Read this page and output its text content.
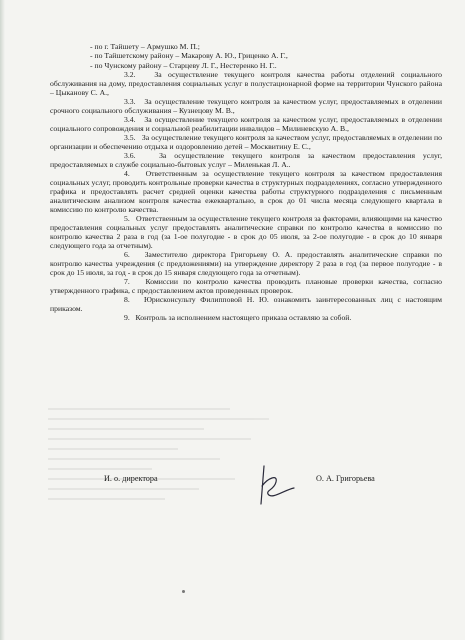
- по г. Тайшету – Армушко М. П.;
- по Тайшетскому району – Макарову А. Ю., Гриценко А. Г.,
- по Чунскому району – Старцеву Л. Г., Нестеренко Н. Г..

3.2. За осуществление текущего контроля качества работы отделений социального обслуживания на дому, предоставления социальных услуг в полустационарной форме на территории Чунского района – Цыканову С. А.,

3.3. За осуществление текущего контроля за качеством услуг, предоставляемых в отделении срочного социального обслуживания – Кузнецову М. В.,

3.4. За осуществление текущего контроля за качеством услуг, предоставляемых в отделении социального сопровождения и социальной реабилитации инвалидов – Милиневскую А. В.,

3.5. За осуществление текущего контроля за качеством услуг, предоставляемых в отделении по организации и обеспечению отдыха и оздоровлению детей – Москвитину Е. С.,

3.6.	За осуществление текущего контроля за качеством предоставления услуг, предоставляемых в службе социально-бытовых услуг – Миленькая Л. А..

4. Ответственным за осуществление текущего контроля за качеством предоставления социальных услуг, проводить контрольные проверки качества в структурных подразделениях, согласно утвержденного графика и предоставлять расчет средней оценки качества работы структурного подразделения с письменным аналитическим анализом контроля качества ежеквартально, в срок до 01 числа месяца следующего квартала в комиссию по контролю качества.

5. Ответственным за осуществление текущего контроля за факторами, влияющими на качество предоставления социальных услуг предоставлять аналитические справки по контролю качества в комиссию по контролю качества 2 раза в год (за 1-ое полугодие - в срок до 05 июля, за 2-ое полугодие - в срок до 10 января следующего года за отчетным).

6. Заместителю директора Григорьеву О. А. предоставлять аналитические справки по контролю качества учреждения (с предложениями) на утверждение директору 2 раза в год (за первое полугодие - в срок до 15 июля, за год - в срок до 15 января следующего года за отчетным).

7. Комиссии по контролю качества проводить плановые проверки качества, согласно утвержденного графика, с предоставлением актов проведенных проверок.

8. Юрисконсульту Филипповой Н. Ю. ознакомить заинтересованных лиц с настоящим приказом.

9. Контроль за исполнением настоящего приказа оставляю за собой.

И. о. директора	О. А. Григорьева
